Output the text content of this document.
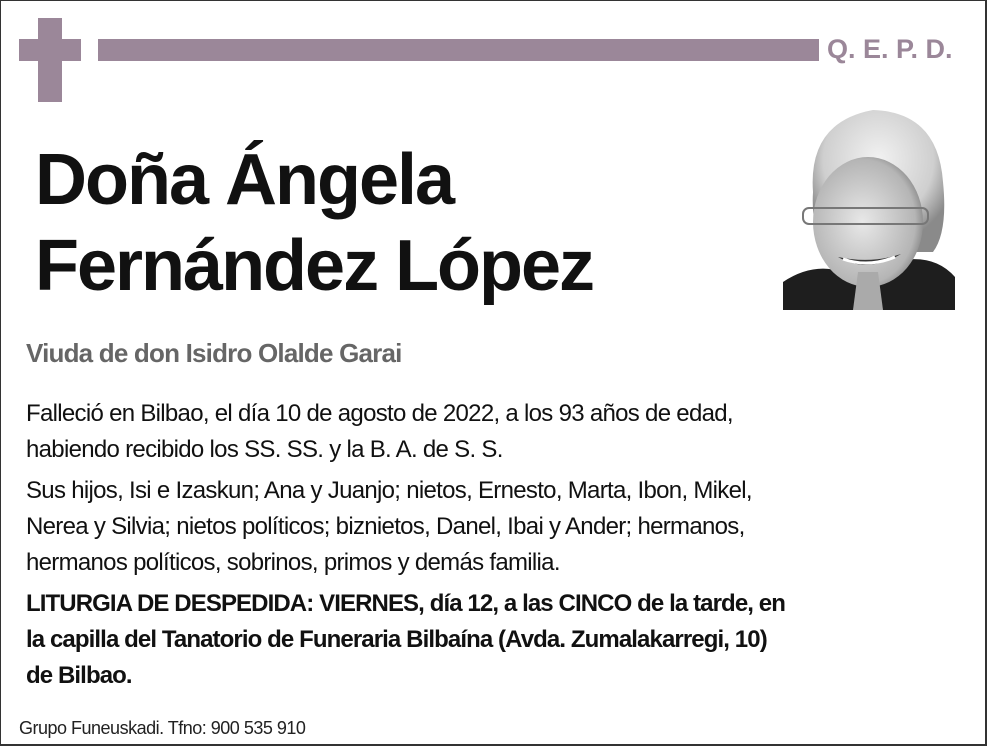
Q. E. P. D.
Doña Ángela
Fernández López
Viuda de don Isidro Olalde Garai
Falleció en Bilbao, el día 10 de agosto de 2022, a los 93 años de edad,
habiendo recibido los SS. SS. y la B. A. de S. S.
Sus hijos, Isi e Izaskun; Ana y Juanjo; nietos, Ernesto, Marta, Ibon, Mikel,
Nerea y Silvia; nietos políticos; biznietos, Danel, Ibai y Ander; hermanos,
hermanos políticos, sobrinos, primos y demás familia.
LITURGIA DE DESPEDIDA: VIERNES, día 12, a las CINCO de la tarde, en
la capilla del Tanatorio de Funeraria Bilbaína (Avda. Zumalakarregi, 10)
de Bilbao.
Grupo Funeuskadi. Tfno: 900 535 910
